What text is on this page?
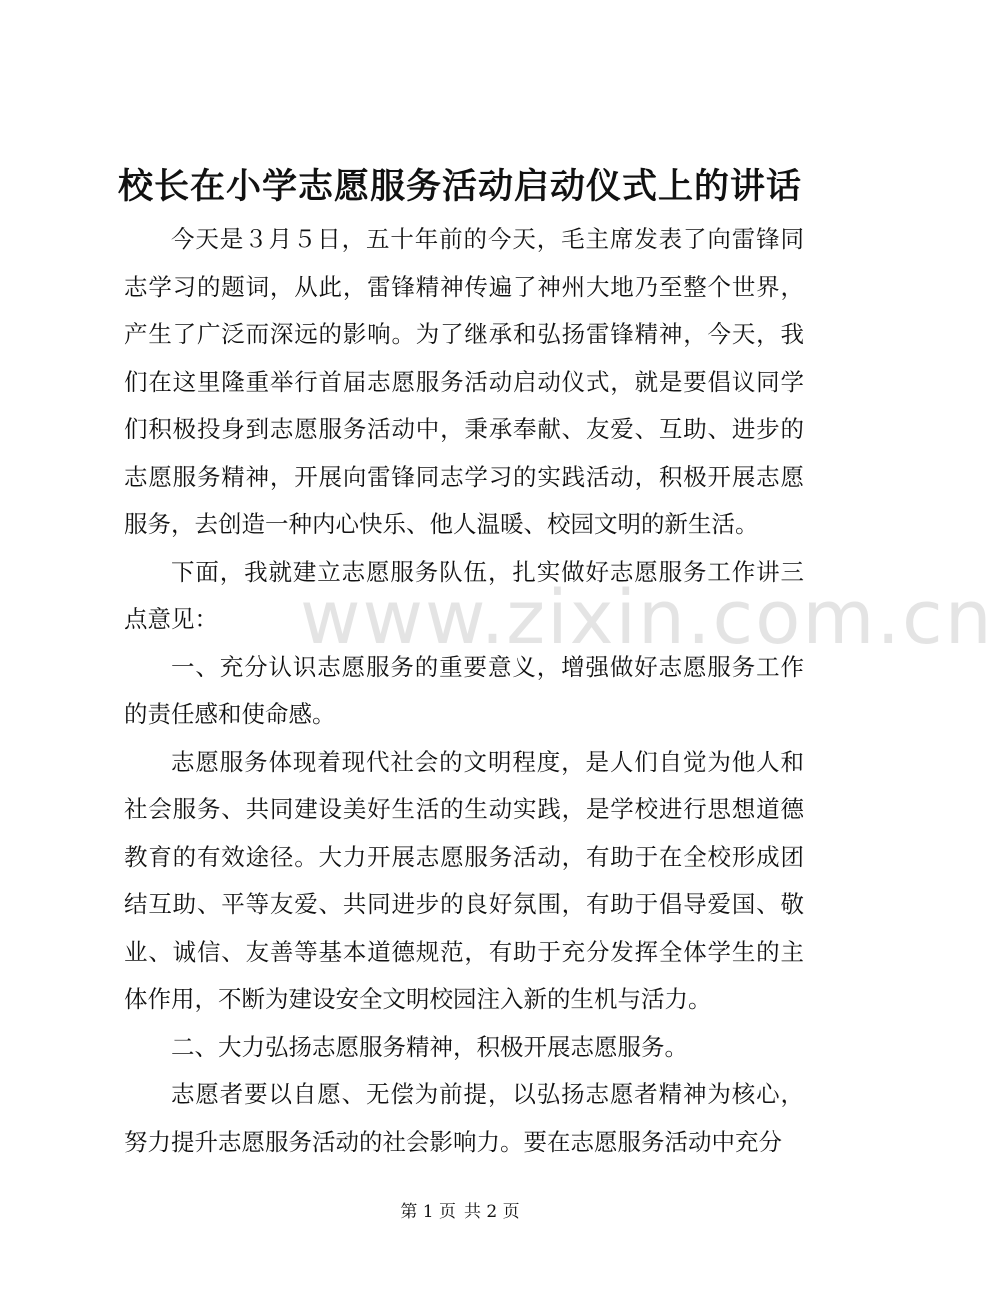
www.zixin.com.cn
校长在小学志愿服务活动启动仪式上的讲话

今天是３月５日，五十年前的今天，毛主席发表了向雷锋同志学习的题词，从此，雷锋精神传遍了神州大地乃至整个世界，产生了广泛而深远的影响。为了继承和弘扬雷锋精神，今天，我们在这里隆重举行首届志愿服务活动启动仪式，就是要倡议同学们积极投身到志愿服务活动中，秉承奉献、友爱、互助、进步的志愿服务精神，开展向雷锋同志学习的实践活动，积极开展志愿服务，去创造一种内心快乐、他人温暖、校园文明的新生活。

下面，我就建立志愿服务队伍，扎实做好志愿服务工作讲三点意见：

一、充分认识志愿服务的重要意义，增强做好志愿服务工作的责任感和使命感。

志愿服务体现着现代社会的文明程度，是人们自觉为他人和社会服务、共同建设美好生活的生动实践，是学校进行思想道德教育的有效途径。大力开展志愿服务活动，有助于在全校形成团结互助、平等友爱、共同进步的良好氛围，有助于倡导爱国、敬业、诚信、友善等基本道德规范，有助于充分发挥全体学生的主体作用，不断为建设安全文明校园注入新的生机与活力。

二、大力弘扬志愿服务精神，积极开展志愿服务。

志愿者要以自愿、无偿为前提，以弘扬志愿者精神为核心，努力提升志愿服务活动的社会影响力。要在志愿服务活动中充分

第 1 页 共 2 页
